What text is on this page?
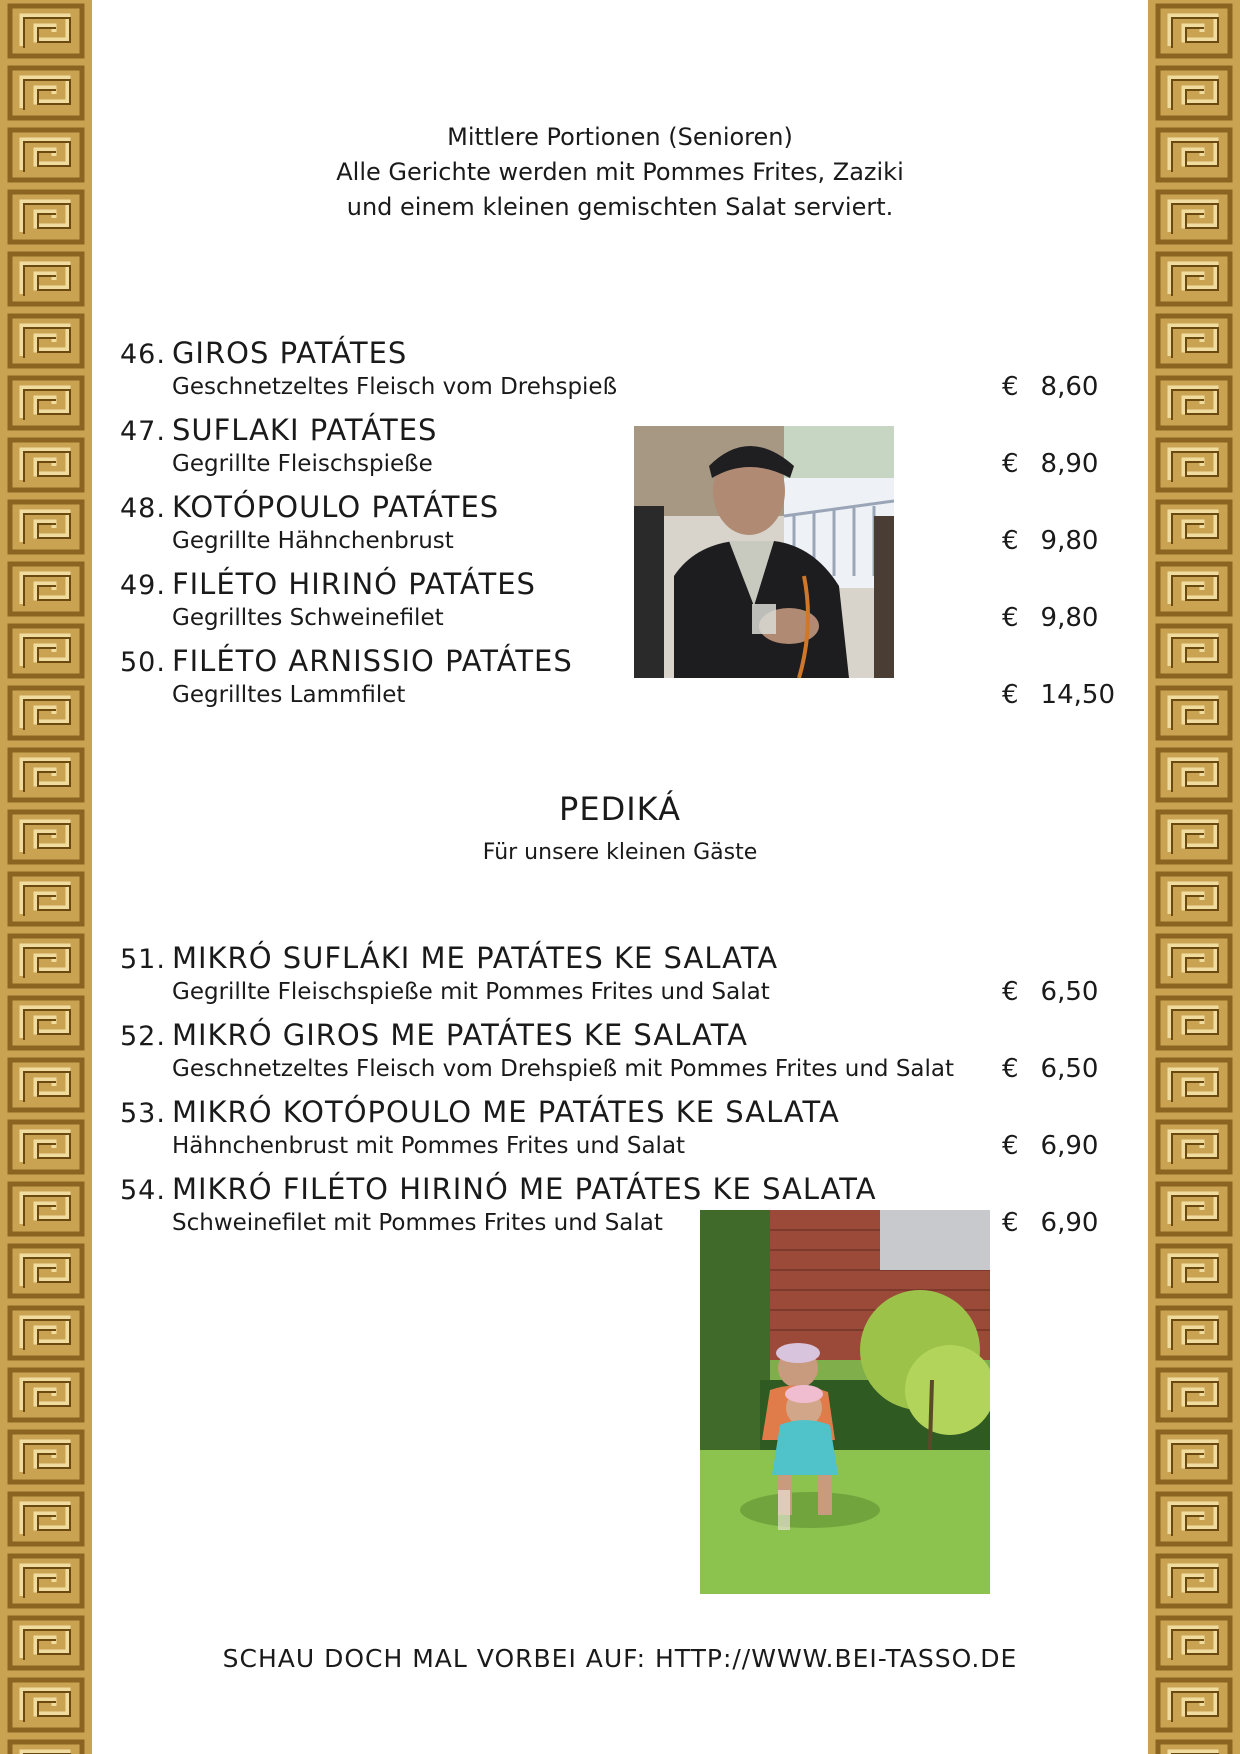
Mittlere Portionen (Senioren)
Alle Gerichte werden mit Pommes Frites, Zaziki
und einem kleinen gemischten Salat serviert.
46. GIROS PATÁTES
Geschnetzeltes Fleisch vom Drehspieß	€ 8,60
47. SUFLAKI PATÁTES
Gegrillte Fleischspieße	€ 8,90
48. KOTÓPOULO PATÁTES
Gegrillte Hähnchenbrust	€ 9,80
49. FILÉTO HIRINÓ PATÁTES
Gegrilltes Schweinefilet	€ 9,80
50. FILÉTO ARNISSIO PATÁTES
Gegrilltes Lammfilet	€ 14,50
PEDIKÁ
Für unsere kleinen Gäste
51. MIKRÓ SUFLÁKI ME PATÁTES KE SALATA
Gegrillte Fleischspieße mit Pommes Frites und Salat	€ 6,50
52. MIKRÓ GIROS ME PATÁTES KE SALATA
Geschnetzeltes Fleisch vom Drehspieß mit Pommes Frites und Salat € 6,50
53. MIKRÓ KOTÓPOULO ME PATÁTES KE SALATA
Hähnchenbrust mit Pommes Frites und Salat	€ 6,90
54. MIKRÓ FILÉTO HIRINÓ ME PATÁTES KE SALATA
Schweinefilet mit Pommes Frites und Salat	€ 6,90
SCHAU DOCH MAL VORBEI AUF: HTTP://WWW.BEI-TASSO.DE
